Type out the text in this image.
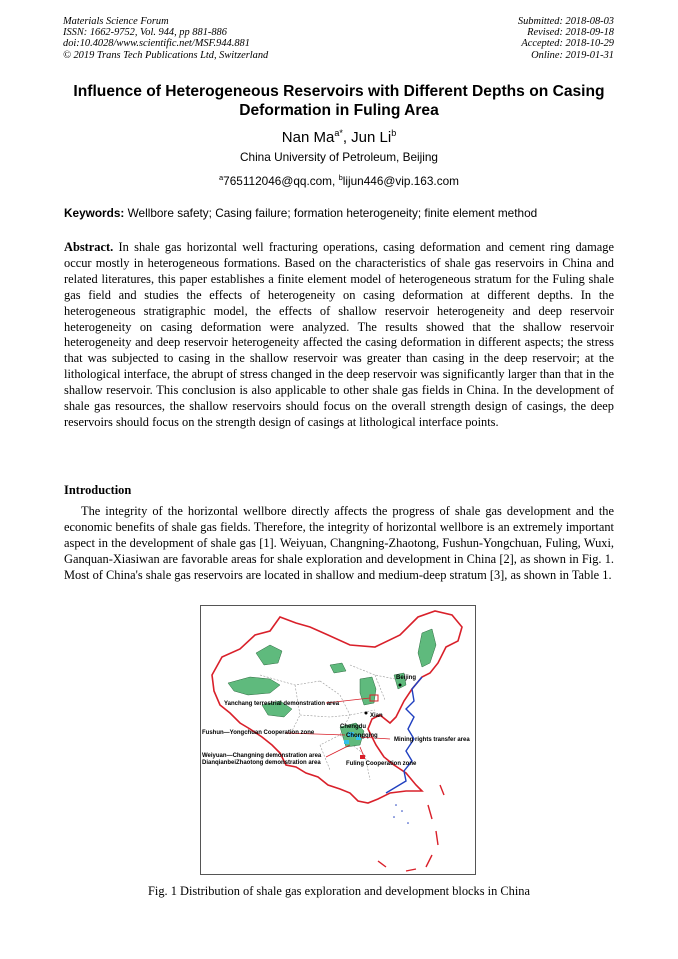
Materials Science Forum
ISSN: 1662-9752, Vol. 944, pp 881-886
doi:10.4028/www.scientific.net/MSF.944.881
© 2019 Trans Tech Publications Ltd, Switzerland
Submitted: 2018-08-03
Revised: 2018-09-18
Accepted: 2018-10-29
Online: 2019-01-31
Influence of Heterogeneous Reservoirs with Different Depths on Casing Deformation in Fuling Area
Nan $Ma^{a*}$, Jun Li$^b$
China University of Petroleum, Beijing
$^a$765112046@qq.com, $^b$lijun446@vip.163.com
Keywords: Wellbore safety; Casing failure; formation heterogeneity; finite element method
Abstract. In shale gas horizontal well fracturing operations, casing deformation and cement ring damage occur mostly in heterogeneous formations. Based on the characteristics of shale gas reservoirs in China and related literatures, this paper establishes a finite element model of heterogeneous stratum for the Fuling shale gas field and studies the effects of heterogeneity on casing deformation at different depths. In the heterogeneous stratigraphic model, the effects of shallow reservoir heterogeneity and deep reservoir heterogeneity on casing deformation were analyzed. The results showed that the shallow reservoir heterogeneity and deep reservoir heterogeneity affected the casing deformation in different aspects; the stress that was subjected to casing in the shallow reservoir was greater than casing in the deep reservoir; at the lithological interface, the abrupt of stress changed in the deep reservoir was significantly larger than that in the shallow reservoir. This conclusion is also applicable to other shale gas fields in China. In the development of shale gas resources, the shallow reservoirs should focus on the overall strength design of casings, the deep reservoirs should focus on the strength design of casings at lithological interface points.
Introduction
The integrity of the horizontal wellbore directly affects the progress of shale gas development and the economic benefits of shale gas fields. Therefore, the integrity of horizontal wellbore is an extremely important aspect in the development of shale gas [1]. Weiyuan, Changning-Zhaotong, Fushun-Yongchuan, Fuling, Wuxi, Ganquan-Xiasiwan are favorable areas for shale exploration and development in China [2], as shown in Fig. 1. Most of China's shale gas reservoirs are located in shallow and medium-deep stratum [3], as shown in Table 1.
Beijing
Yanchang terrestrial demonstration area
Xian
Chengdu
Chongqing
Fushun—Yongchuan Cooperation zone
Mining rights transfer area
Weiyuan—Changning demonstration area
DianqianbeiZhaotong demonstration area	Fuling Cooperation zone
Fig. 1 Distribution of shale gas exploration and development blocks in China
